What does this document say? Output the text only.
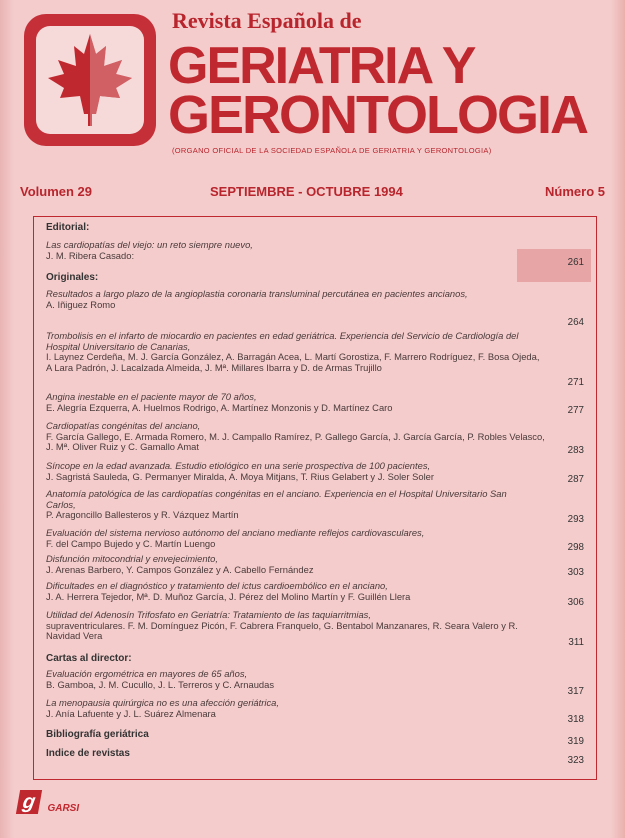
Revista Española de
GERIATRIA Y
GERONTOLOGIA
(ORGANO OFICIAL DE LA SOCIEDAD ESPAÑOLA DE GERIATRIA Y GERONTOLOGIA)
Volumen 29	SEPTIEMBRE - OCTUBRE 1994	Número 5
Editorial:
Las cardiopatías del viejo: un reto siempre nuevo,
J. M. Ribera Casado:
261
Originales:
Resultados a largo plazo de la angioplastia coronaria transluminal percutánea en pacientes ancianos,
A. Iñiguez Romo
264
Trombolisis en el infarto de miocardio en pacientes en edad geriátrica. Experiencia del Servicio de Cardiología del Hospital Universitario de Canarias,
I. Laynez Cerdeña, M. J. García González, A. Barragán Acea, L. Martí Gorostiza, F. Marrero Rodríguez, F. Bosa Ojeda, A Lara Padrón, J. Lacalzada Almeida, J. Mª. Millares Ibarra y D. de Armas Trujillo
271
Angina inestable en el paciente mayor de 70 años,
E. Alegría Ezquerra, A. Huelmos Rodrigo, A. Martínez Monzonis y D. Martínez Caro	277
Cardiopatías congénitas del anciano,
F. García Gallego, E. Armada Romero, M. J. Campallo Ramírez, P. Gallego García, J. García García, P. Robles Velasco, J. Mª. Oliver Ruiz y C. Gamallo Amat	283
Síncope en la edad avanzada. Estudio etiológico en una serie prospectiva de 100 pacientes,
J. Sagristá Sauleda, G. Permanyer Miralda, A. Moya Mitjans, T. Rius Gelabert y J. Soler Soler	287
Anatomía patológica de las cardiopatías congénitas en el anciano. Experiencia en el Hospital Universitario San Carlos,
P. Aragoncillo Ballesteros y R. Vázquez Martín	293
Evaluación del sistema nervioso autónomo del anciano mediante reflejos cardiovasculares,
F. del Campo Bujedo y C. Martín Luengo	298
Disfunción mitocondrial y envejecimiento,
J. Arenas Barbero, Y. Campos González y A. Cabello Fernández	303
Dificultades en el diagnóstico y tratamiento del ictus cardioembólico en el anciano,
J. A. Herrera Tejedor, Mª. D. Muñoz García, J. Pérez del Molino Martín y F. Guillén Llera
306
Utilidad del Adenosín Trifosfato en Geriatría: Tratamiento de las taquiarritmias,
supraventriculares. F. M. Domínguez Picón, F. Cabrera Franquelo, G. Bentabol Manzanares, R. Seara Valero y R. Navidad Vera
311
Cartas al director:
Evaluación ergométrica en mayores de 65 años,
B. Gamboa, J. M. Cucullo, J. L. Terreros y C. Arnaudas
317
La menopausia quirúrgica no es una afección geriátrica,
J. Anía Lafuente y J. L. Suárez Almenara
318
Bibliografía geriátrica
319
Indice de revistas
323
g GARSI
